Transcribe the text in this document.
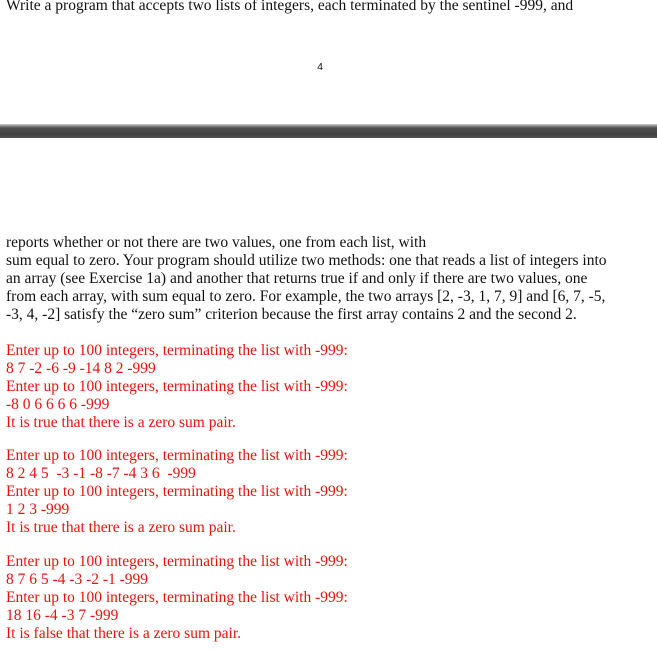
Write a program that accepts two lists of integers, each terminated by the sentinel -999, and
4
reports whether or not there are two values, one from each list, with
sum equal to zero. Your program should utilize two methods: one that reads a list of integers into
an array (see Exercise 1a) and another that returns true if and only if there are two values, one
from each array, with sum equal to zero. For example, the two arrays [2, -3, 1, 7, 9] and [6, 7, -5,
-3, 4, -2] satisfy the “zero sum” criterion because the first array contains 2 and the second 2.
Enter up to 100 integers, terminating the list with -999:
8 7 -2 -6 -9 -14 8 2 -999
Enter up to 100 integers, terminating the list with -999:
-8 0 6 6 6 6 -999
It is true that there is a zero sum pair.
Enter up to 100 integers, terminating the list with -999:
8 2 4 5  -3 -1 -8 -7 -4 3 6  -999
Enter up to 100 integers, terminating the list with -999:
1 2 3 -999
It is true that there is a zero sum pair.
Enter up to 100 integers, terminating the list with -999:
8 7 6 5 -4 -3 -2 -1 -999
Enter up to 100 integers, terminating the list with -999:
18 16 -4 -3 7 -999
It is false that there is a zero sum pair.
